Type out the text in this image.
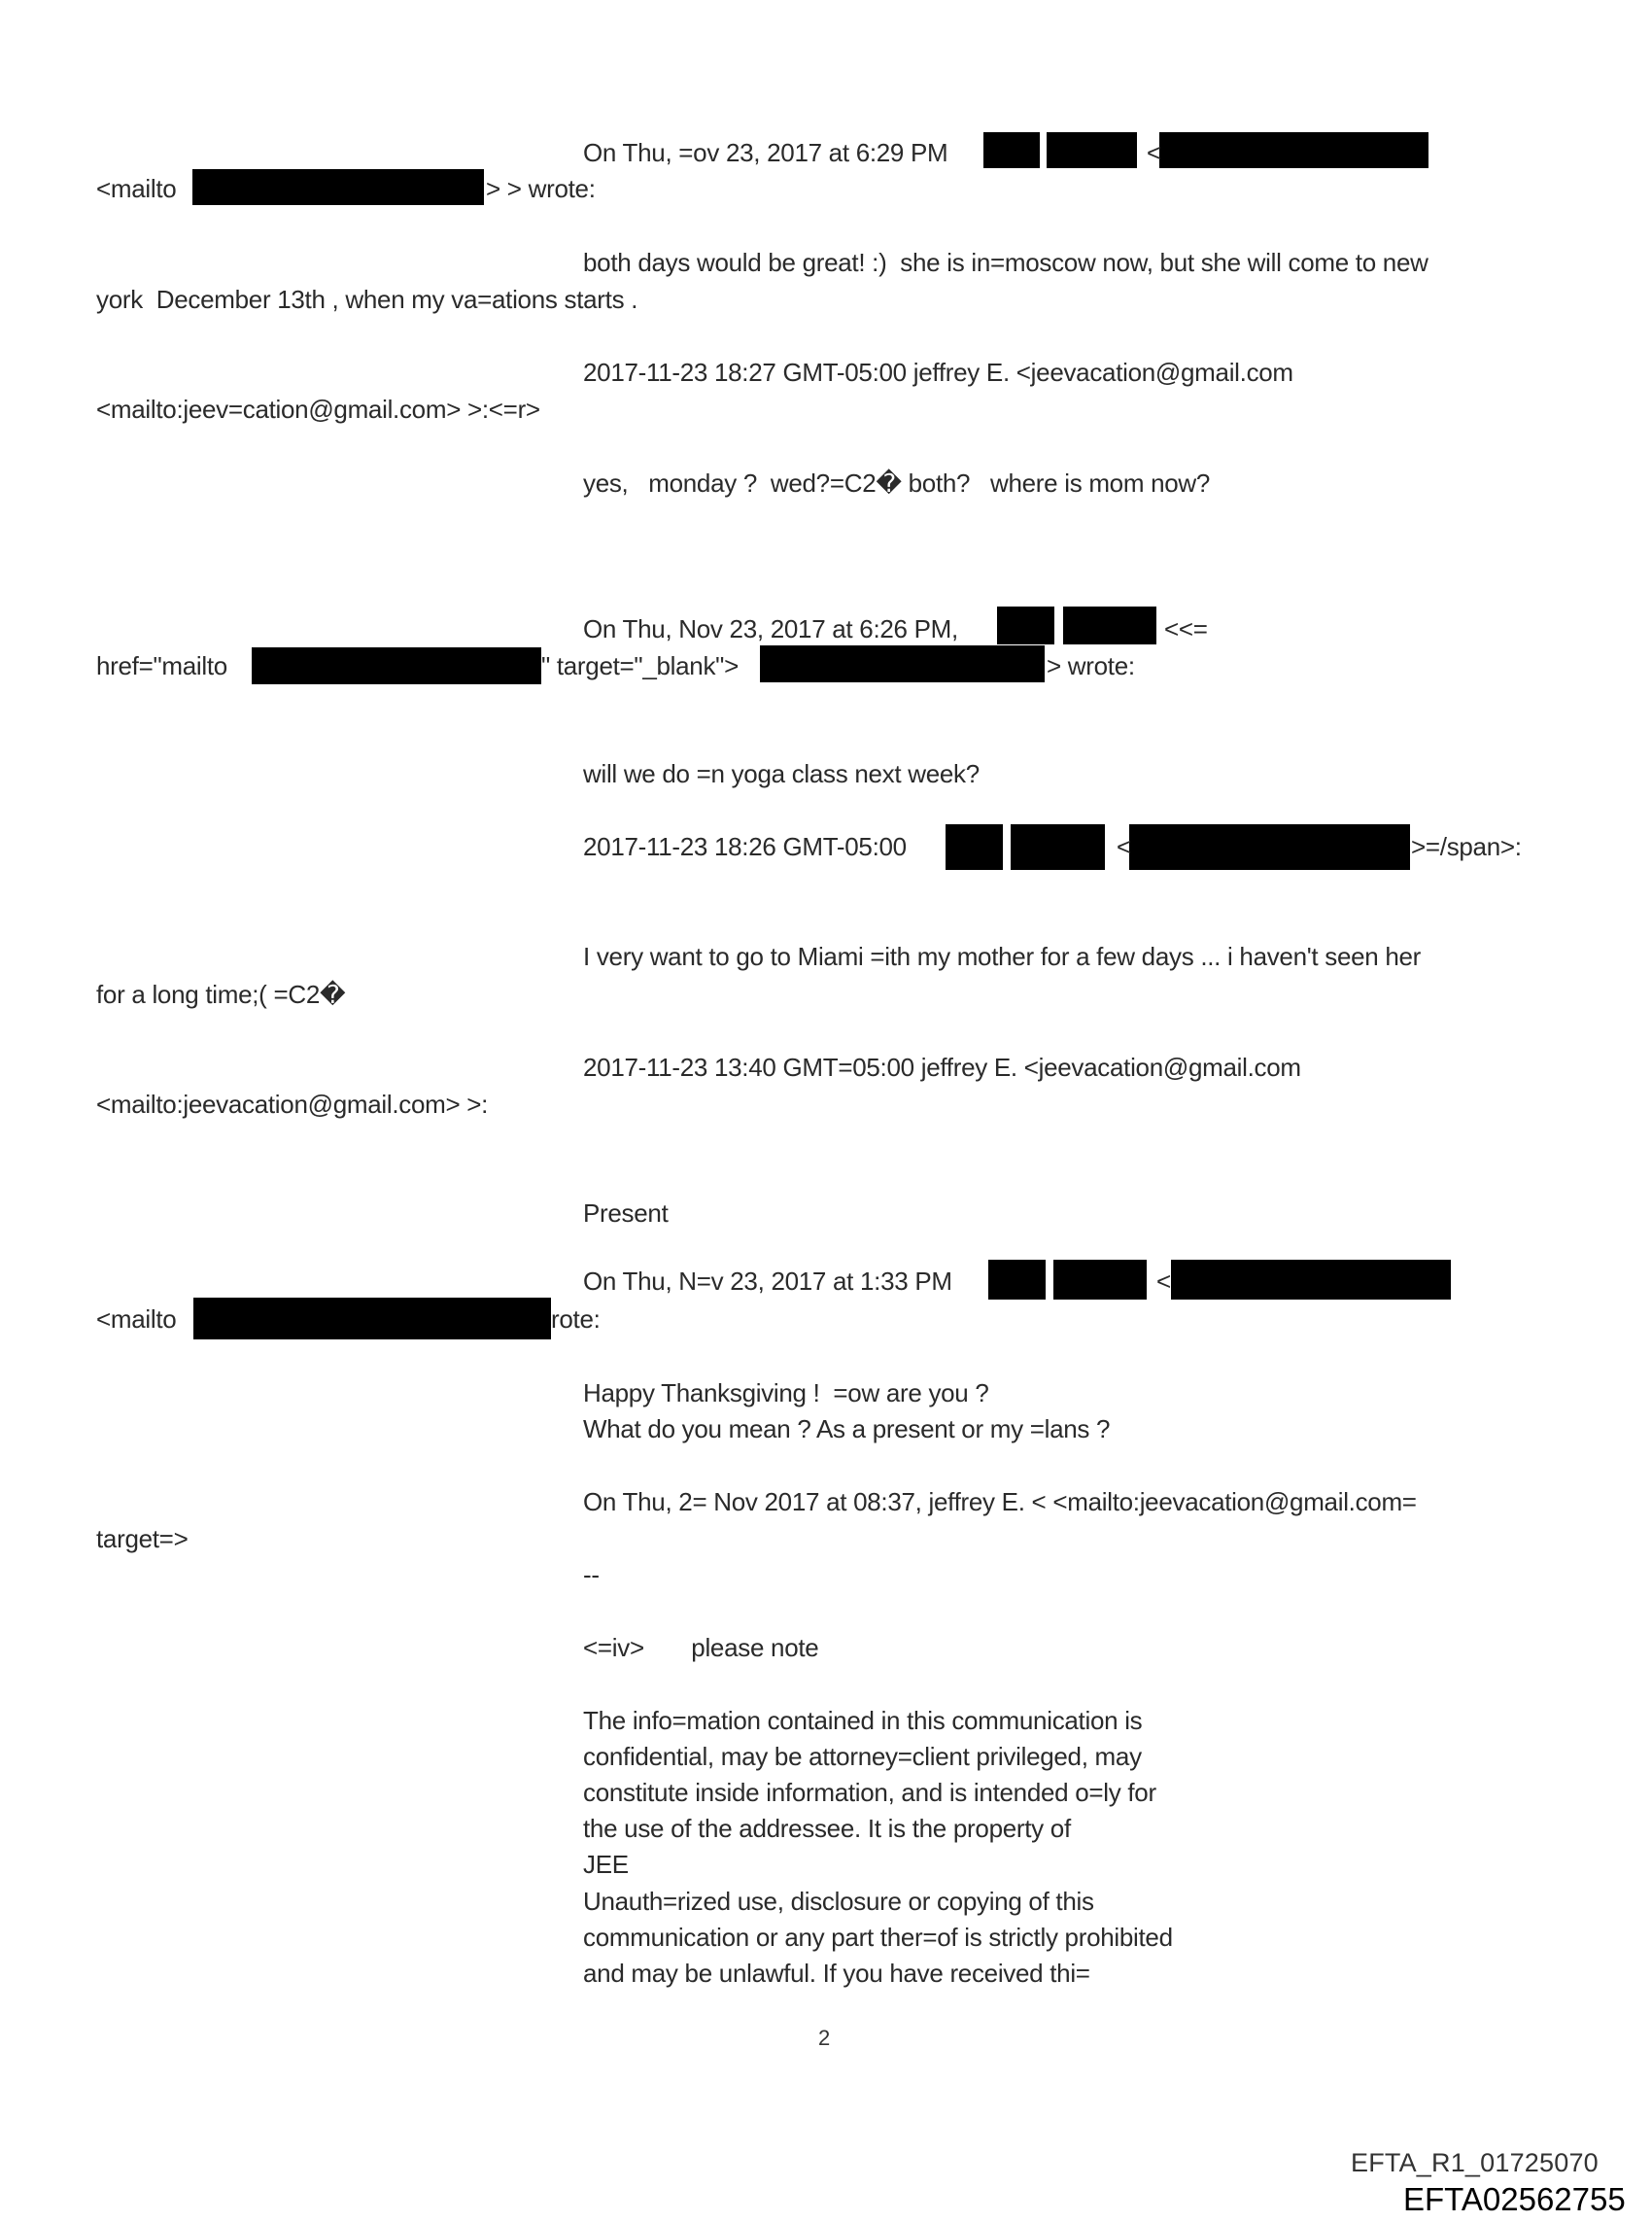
On Thu, =ov 23, 2017 at 6:29 PM
<mailto	> > wrote:
both days would be great! :)  she is in=moscow now, but she will come to new
york  December 13th , when my va=ations starts .
2017-11-23 18:27 GMT-05:00 jeffrey E. <jeevacation@gmail.com
<mailto:jeev=cation@gmail.com> >:<=r>
yes,   monday ?  wed?=C2� both?   where is mom now?
On Thu, Nov 23, 2017 at 6:26 PM,	<<=
href="mailto	" target="_blank">	> wrote:
will we do =n yoga class next week?
2017-11-23 18:26 GMT-05:00	>=/span>:
I very want to go to Miami =ith my mother for a few days ... i haven't seen her
for a long time;( =C2�
2017-11-23 13:40 GMT=05:00 jeffrey E. <jeevacation@gmail.com
<mailto:jeevacation@gmail.com> >:
Present
On Thu, N=v 23, 2017 at 1:33 PM
<mailto	rote:
Happy Thanksgiving !  =ow are you ?
What do you mean ? As a present or my =lans ?
On Thu, 2= Nov 2017 at 08:37, jeffrey E. < <mailto:jeevacation@gmail.com=
target=>
--
<=iv>       please note
The info=mation contained in this communication is
confidential, may be attorney=client privileged, may
constitute inside information, and is intended o=ly for
the use of the addressee. It is the property of
JEE
Unauth=rized use, disclosure or copying of this
communication or any part ther=of is strictly prohibited
and may be unlawful. If you have received thi=
<
<
<
2
EFTA_R1_01725070
EFTA02562755
